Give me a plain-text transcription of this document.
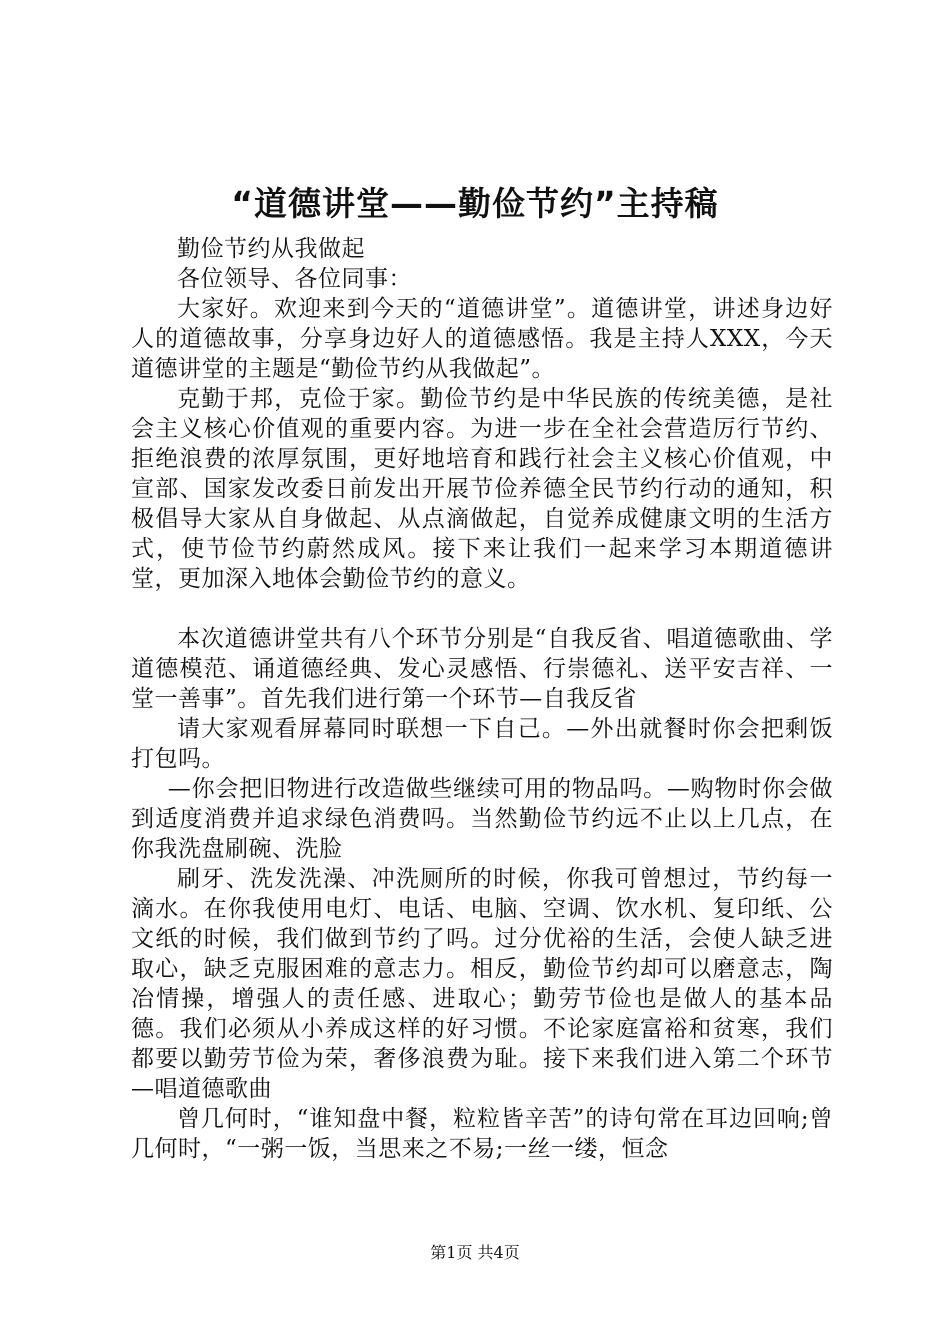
“道德讲堂——勤俭节约”主持稿

勤俭节约从我做起

各位领导、各位同事：

大家好。欢迎来到今天的“道德讲堂”。道德讲堂，讲述身边好人的道德故事，分享身边好人的道德感悟。我是主持人XXX，今天道德讲堂的主题是“勤俭节约从我做起”。

克勤于邦，克俭于家。勤俭节约是中华民族的传统美德，是社会主义核心价值观的重要内容。为进一步在全社会营造厉行节约、拒绝浪费的浓厚氛围，更好地培育和践行社会主义核心价值观，中宣部、国家发改委日前发出开展节俭养德全民节约行动的通知，积极倡导大家从自身做起、从点滴做起，自觉养成健康文明的生活方式，使节俭节约蔚然成风。接下来让我们一起来学习本期道德讲堂，更加深入地体会勤俭节约的意义。

本次道德讲堂共有八个环节分别是“自我反省、唱道德歌曲、学道德模范、诵道德经典、发心灵感悟、行崇德礼、送平安吉祥、一堂一善事”。首先我们进行第一个环节—自我反省

请大家观看屏幕同时联想一下自己。—外出就餐时你会把剩饭打包吗。

—你会把旧物进行改造做些继续可用的物品吗。—购物时你会做到适度消费并追求绿色消费吗。当然勤俭节约远不止以上几点，在你我洗盘刷碗、洗脸

刷牙、洗发洗澡、冲洗厕所的时候，你我可曾想过，节约每一滴水。在你我使用电灯、电话、电脑、空调、饮水机、复印纸、公文纸的时候，我们做到节约了吗。过分优裕的生活，会使人缺乏进取心，缺乏克服困难的意志力。相反，勤俭节约却可以磨意志，陶冶情操，增强人的责任感、进取心；勤劳节俭也是做人的基本品德。我们必须从小养成这样的好习惯。不论家庭富裕和贫寒，我们都要以勤劳节俭为荣，奢侈浪费为耻。接下来我们进入第二个环节—唱道德歌曲

曾几何时，“谁知盘中餐，粒粒皆辛苦”的诗句常在耳边回响;曾几何时，“一粥一饭，当思来之不易;一丝一缕，恒念

第1页 共4页
